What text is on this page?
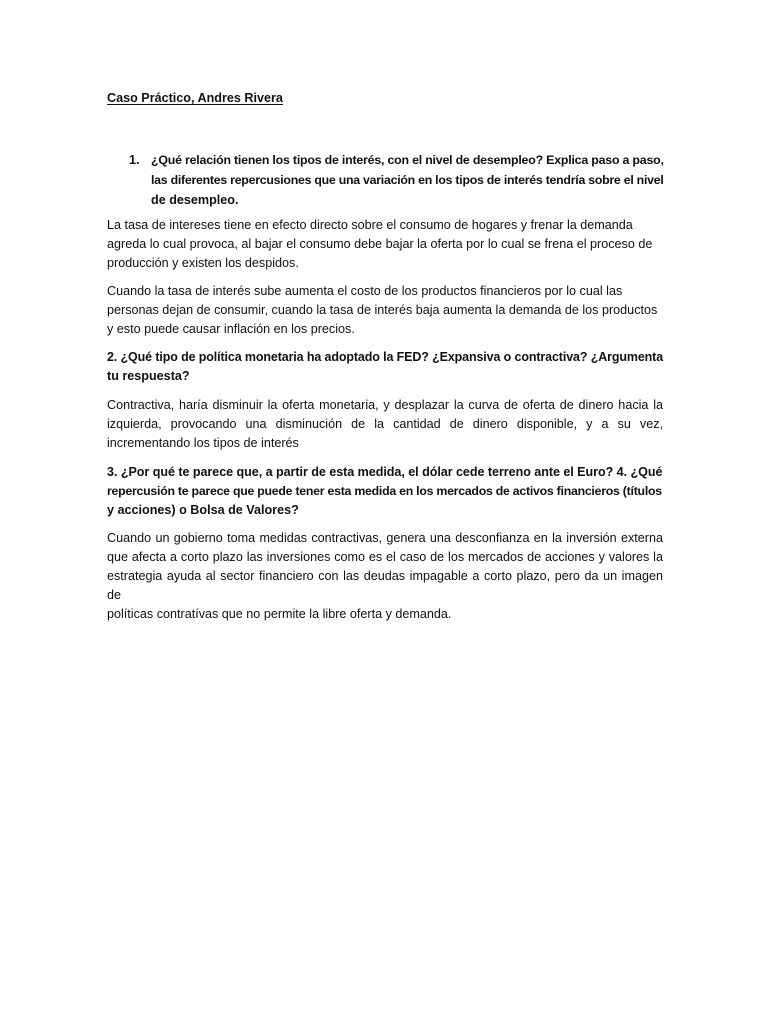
Caso Práctico, Andres Rivera
1. ¿Qué relación tienen los tipos de interés, con el nivel de desempleo? Explica paso a paso,
las diferentes repercusiones que una variación en los tipos de interés tendría sobre el nivel
de desempleo.
La tasa de intereses tiene en efecto directo sobre el consumo de hogares y frenar la demanda
agreda lo cual provoca, al bajar el consumo debe bajar la oferta por lo cual se frena el proceso de
producción y existen los despidos.
Cuando la tasa de interés sube aumenta el costo de los productos financieros por lo cual las
personas dejan de consumir, cuando la tasa de interés baja aumenta la demanda de los productos
y esto puede causar inflación en los precios.
2. ¿Qué tipo de política monetaria ha adoptado la FED? ¿Expansiva o contractiva? ¿Argumenta
tu respuesta?
Contractiva, haría disminuir la oferta monetaria, y desplazar la curva de oferta de dinero hacia la
izquierda, provocando una disminución de la cantidad de dinero disponible, y a su vez,
incrementando los tipos de interés
3. ¿Por qué te parece que, a partir de esta medida, el dólar cede terreno ante el Euro? 4. ¿Qué
repercusión te parece que puede tener esta medida en los mercados de activos financieros (títulos
y acciones) o Bolsa de Valores?
Cuando un gobierno toma medidas contractivas, genera una desconfianza en la inversión externa
que afecta a corto plazo las inversiones como es el caso de los mercados de acciones y valores la
estrategia ayuda al sector financiero con las deudas impagable a corto plazo, pero da un imagen de
políticas contratívas que no permite la libre oferta y demanda.
